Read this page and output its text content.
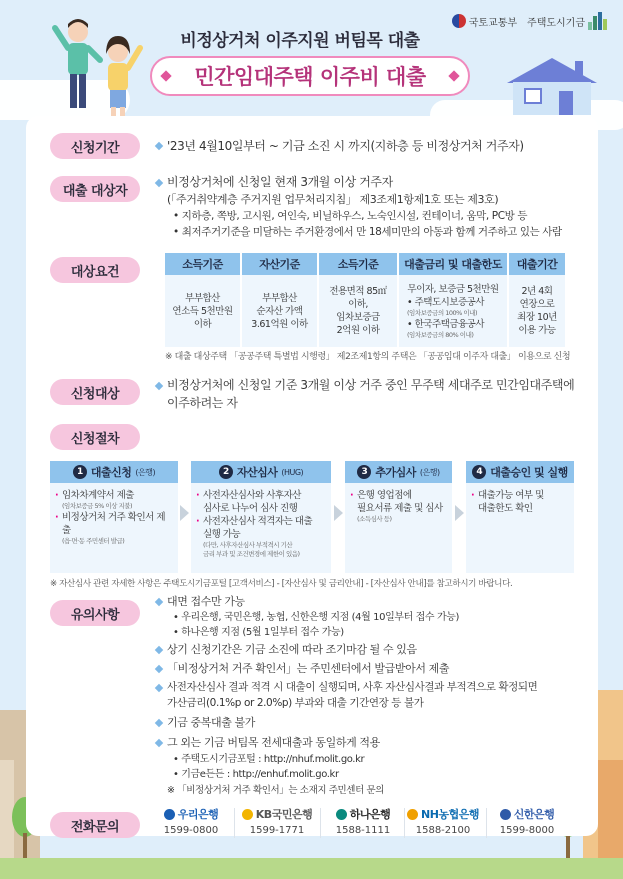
비정상거처 이주지원 버팀목 대출
민간임대주택 이주비 대출
국토교통부 주택도시기금
신청기간	'23년 4월10일부터 ~ 기금 소진 시 까지(지하층 등 비정상거처 거주자)
대출 대상자
비정상거처에 신청일 현재 3개월 이상 거주자
(「주거취약계층 주거지원 업무처리지침」 제3조제1항제1호 또는 제3호)
• 지하층, 쪽방, 고시원, 여인숙, 비닐하우스, 노숙인시설, 컨테이너, 움막, PC방 등
• 최저주거기준을 미달하는 주거환경에서 만 18세미만의 아동과 함께 거주하고 있는 사람
대상요건	소득기준
부부합산
연소득 5천만원
이하
자산기준
부부합산
순자산 가액
3.61억원 이하
소득기준
전용면적 85㎡
이하,
임차보증금
2억원 이하
대출금리 및 대출한도
무이자, 보증금 5천만원
• 주택도시보증공사
(임차보증금의 100% 이내)
• 한국주택금융공사
(임차보증금의 80% 이내)
대출기간
2년 4회
연장으로
최장 10년
이용 가능
※ 대출 대상주택 「공공주택 특별법 시행령」 제2조제1항의 주택은 「공공임대 이주자 대출」 이용으로 신청
신청대상
비정상거처에 신청일 기준 3개월 이상 거주 중인 무주택 세대주로 민간임대주택에
이주하려는 자
신청절차
1 대출신청 (은행)
· 임차차계약서 제출
(임차보증금 5% 이상 지불)
· 비정상거처 거주 확인서 제출
(읍·면·동 주민센터 발급)
2 자산심사 (HUG)
· 사전자산심사와 사후자산
심사로 나누어 심사 진행
· 사전자산심사 적격자는 대출
실행 가능
(다만, 사후자산심사 부적격시 기산
금리 부과 및 조건변경에 제한이 있음)
3 추가심사 (은행)
· 은행 영업점에
필요서류 제출 및 심사
(소득심사 등)
4 대출승인 및 실행
· 대출가능 여부 및
대출한도 확인
※ 자산심사 관련 자세한 사항은 주택도시기금포털 [고객서비스] - [자산심사 및 금리안내] - [자산심사 안내]를 참고하시기 바랍니다.
유의사항
대면 접수만 가능
• 우리은행, 국민은행, 농협, 신한은행 지점 (4월 10일부터 접수 가능)
• 하나은행 지점 (5월 1일부터 접수 가능)
상기 신청기간은 기금 소진에 따라 조기마감 될 수 있음
「비정상거처 거주 확인서」는 주민센터에서 발급받아서 제출
사전자산심사 결과 적격 시 대출이 실행되며, 사후 자산심사결과 부적격으로 확정되면
가산금리(0.1%p or 2.0%p) 부과와 대출 기간연장 등 불가
기금 중복대출 불가
그 외는 기금 버팀목 전세대출과 동일하게 적용
• 주택도시기금포털 : http://nhuf.molit.go.kr
• 기금e든든 : http://enhuf.molit.go.kr
※ 「비정상거처 거주 확인서」는 소재지 주민센터 문의
전화문의
우리은행
1599-0800
KB국민은행
1599-1771
하나은행
1588-1111
NH농협은행
1588-2100
신한은행
1599-8000
